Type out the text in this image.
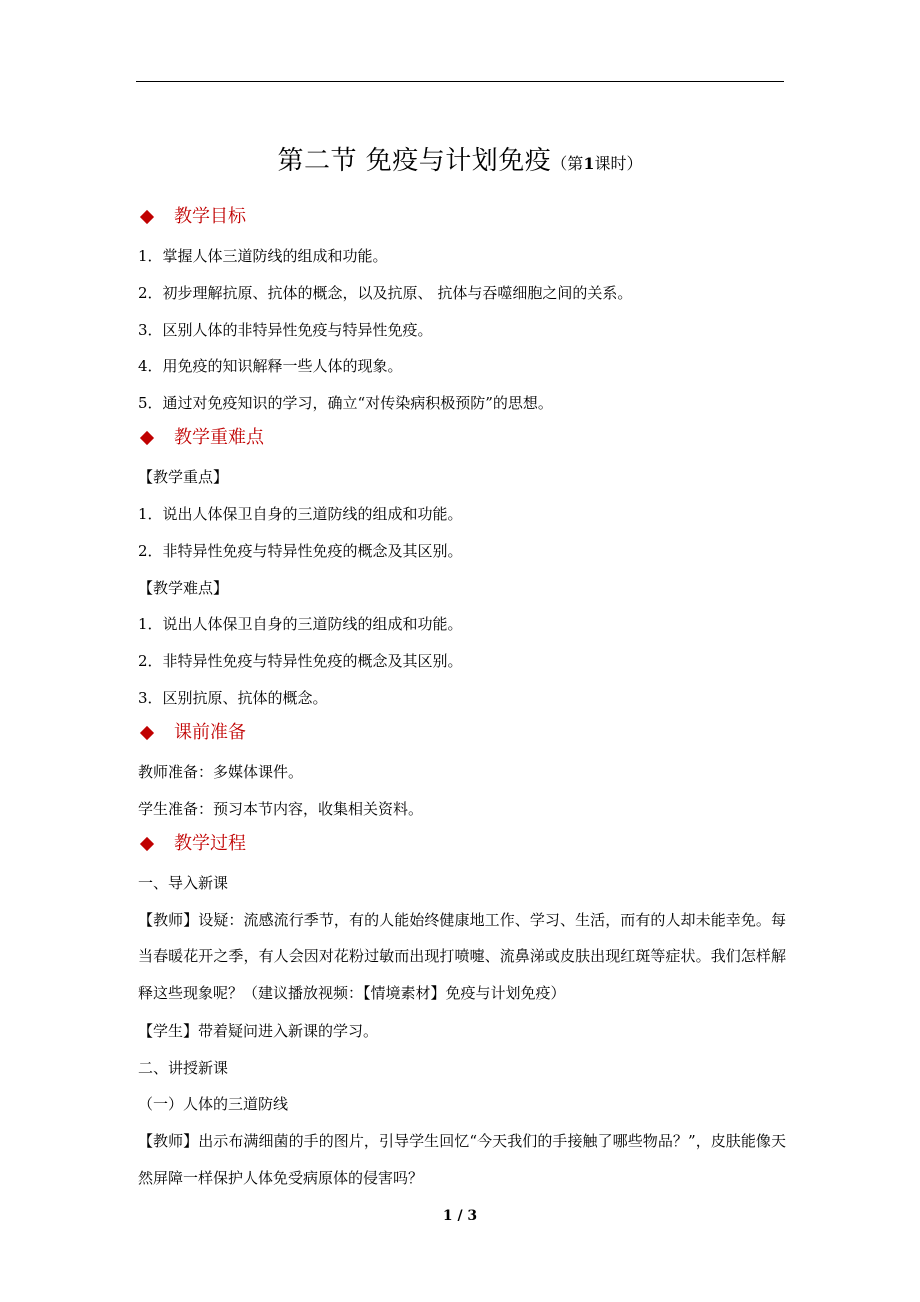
第二节 免疫与计划免疫（第1课时）
教学目标
1．掌握人体三道防线的组成和功能。
2．初步理解抗原、抗体的概念，以及抗原、 抗体与吞噬细胞之间的关系。
3．区别人体的非特异性免疫与特异性免疫。
4．用免疫的知识解释一些人体的现象。
5．通过对免疫知识的学习，确立“对传染病积极预防”的思想。
教学重难点
【教学重点】
1．说出人体保卫自身的三道防线的组成和功能。
2．非特异性免疫与特异性免疫的概念及其区别。
【教学难点】
1．说出人体保卫自身的三道防线的组成和功能。
2．非特异性免疫与特异性免疫的概念及其区别。
3．区别抗原、抗体的概念。
课前准备
教师准备：多媒体课件。
学生准备：预习本节内容，收集相关资料。
教学过程
一、导入新课
【教师】设疑：流感流行季节，有的人能始终健康地工作、学习、生活，而有的人却未能幸免。每当春暖花开之季，有人会因对花粉过敏而出现打喷嚏、流鼻涕或皮肤出现红斑等症状。我们怎样解释这些现象呢？（建议播放视频：【情境素材】免疫与计划免疫）
【学生】带着疑问进入新课的学习。
二、讲授新课
（一）人体的三道防线
【教师】出示布满细菌的手的图片，引导学生回忆“今天我们的手接触了哪些物品？”，皮肤能像天然屏障一样保护人体免受病原体的侵害吗？
1 / 3
